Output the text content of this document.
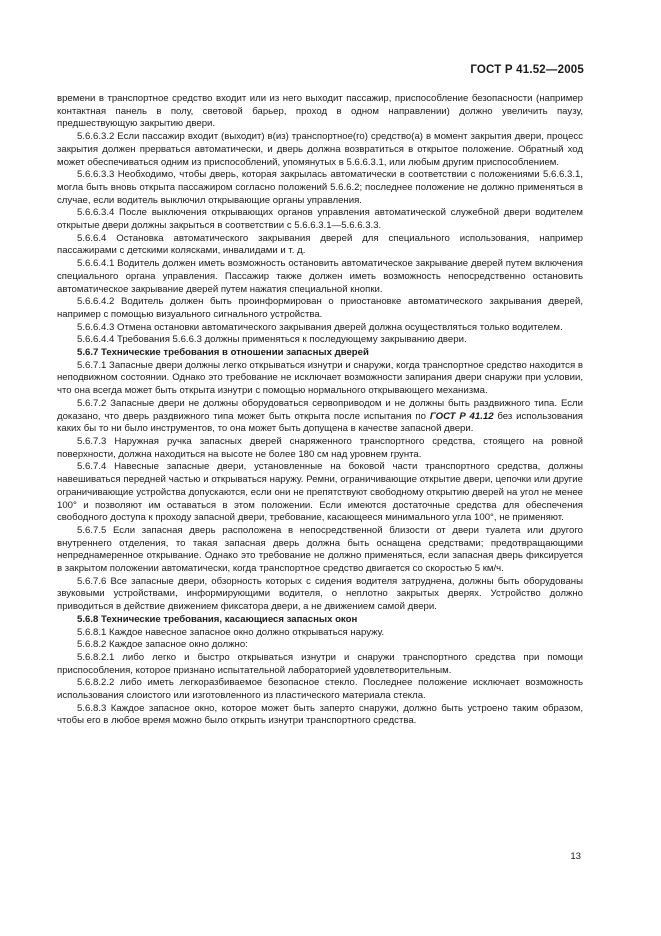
ГОСТ Р 41.52—2005

времени в транспортное средство входит или из него выходит пассажир, приспособление безопасности (например контактная панель в полу, световой барьер, проход в одном направлении) должно увеличить паузу, предшествующую закрытию двери.

5.6.6.3.2 Если пассажир входит (выходит) в(из) транспортное(го) средство(а) в момент закрытия двери, процесс закрытия должен прерваться автоматически, и дверь должна возвратиться в открытое положение. Обратный ход может обеспечиваться одним из приспособлений, упомянутых в 5.6.6.3.1, или любым другим приспособлением.

5.6.6.3.3 Необходимо, чтобы дверь, которая закрылась автоматически в соответствии с положениями 5.6.6.3.1, могла быть вновь открыта пассажиром согласно положений 5.6.6.2; последнее положение не должно применяться в случае, если водитель выключил открывающие органы управления.

5.6.6.3.4 После выключения открывающих органов управления автоматической служебной двери водителем открытые двери должны закрыться в соответствии с 5.6.6.3.1—5.6.6.3.3.

5.6.6.4 Остановка автоматического закрывания дверей для специального использования, например пассажирами с детскими колясками, инвалидами и т. д.

5.6.6.4.1 Водитель должен иметь возможность остановить автоматическое закрывание дверей путем включения специального органа управления. Пассажир также должен иметь возможность непосредственно остановить автоматическое закрывание дверей путем нажатия специальной кнопки.

5.6.6.4.2 Водитель должен быть проинформирован о приостановке автоматического закрывания дверей, например с помощью визуального сигнального устройства.

5.6.6.4.3 Отмена остановки автоматического закрывания дверей должна осуществляться только водителем.

5.6.6.4.4 Требования 5.6.6.3 должны применяться к последующему закрыванию двери.

5.6.7 Технические требования в отношении запасных дверей

5.6.7.1 Запасные двери должны легко открываться изнутри и снаружи, когда транспортное средство находится в неподвижном состоянии. Однако это требование не исключает возможности запирания двери снаружи при условии, что она всегда может быть открыта изнутри с помощью нормального открывающего механизма.

5.6.7.2 Запасные двери не должны оборудоваться сервоприводом и не должны быть раздвижного типа. Если доказано, что дверь раздвижного типа может быть открыта после испытания по ГОСТ Р 41.12 без использования каких бы то ни было инструментов, то она может быть допущена в качестве запасной двери.

5.6.7.3 Наружная ручка запасных дверей снаряженного транспортного средства, стоящего на ровной поверхности, должна находиться на высоте не более 180 см над уровнем грунта.

5.6.7.4 Навесные запасные двери, установленные на боковой части транспортного средства, должны навешиваться передней частью и открываться наружу. Ремни, ограничивающие открытие двери, цепочки или другие ограничивающие устройства допускаются, если они не препятствуют свободному открытию дверей на угол не менее 100° и позволяют им оставаться в этом положении. Если имеются достаточные средства для обеспечения свободного доступа к проходу запасной двери, требование, касающееся минимального угла 100°, не применяют.

5.6.7.5 Если запасная дверь расположена в непосредственной близости от двери туалета или другого внутреннего отделения, то такая запасная дверь должна быть оснащена средствами; предотвращающими непреднамеренное открывание. Однако это требование не должно применяться, если запасная дверь фиксируется в закрытом положении автоматически, когда транспортное средство двигается со скоростью 5 км/ч.

5.6.7.6 Все запасные двери, обзорность которых с сидения водителя затруднена, должны быть оборудованы звуковыми устройствами, информирующими водителя, о неплотно закрытых дверях. Устройство должно приводиться в действие движением фиксатора двери, а не движением самой двери.

5.6.8 Технические требования, касающиеся запасных окон

5.6.8.1 Каждое навесное запасное окно должно открываться наружу.

5.6.8.2 Каждое запасное окно должно:

5.6.8.2.1 либо легко и быстро открываться изнутри и снаружи транспортного средства при помощи приспособления, которое признано испытательной лабораторией удовлетворительным.

5.6.8.2.2 либо иметь легкоразбиваемое безопасное стекло. Последнее положение исключает возможность использования слоистого или изготовленного из пластического материала стекла.

5.6.8.3 Каждое запасное окно, которое может быть заперто снаружи, должно быть устроено таким образом, чтобы его в любое время можно было открыть изнутри транспортного средства.

13
